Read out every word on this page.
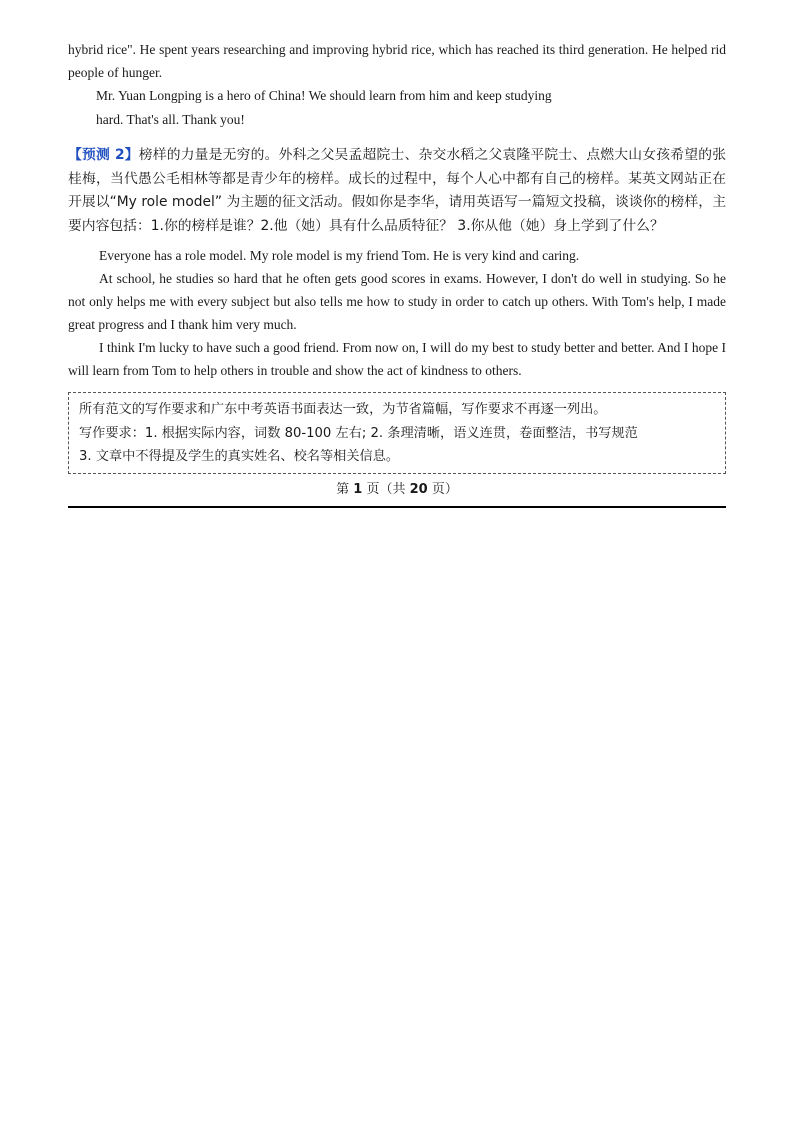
hybrid rice". He spent years researching and improving hybrid rice, which has reached its third generation. He helped rid people of hunger.

Mr. Yuan Longping is a hero of China! We should learn from him and keep studying

hard. That's all. Thank you!

【预测 2】榜样的力量是无穷的。外科之父吴孟超院士、杂交水稻之父袁隆平院士、点燃大山女孩希望的张桂梅，当代愚公毛相林等都是青少年的榜样。成长的过程中，每个人心中都有自己的榜样。某英文网站正在开展以“My role model” 为主题的征文活动。假如你是李华，请用英语写一篇短文投稿，谈谈你的榜样，主要内容包括：1.你的榜样是谁？2.他（她）具有什么品质特征？ 3.你从他（她）身上学到了什么？

Everyone has a role model. My role model is my friend Tom. He is very kind and caring.

At school, he studies so hard that he often gets good scores in exams. However, I don't do well in studying. So he not only helps me with every subject but also tells me how to study in order to catch up others. With Tom's help, I made great progress and I thank him very much.

I think I'm lucky to have such a good friend. From now on, I will do my best to study better and better. And I hope I will learn from Tom to help others in trouble and show the act of kindness to others.

所有范文的写作要求和广东中考英语书面表达一致，为节省篇幅，写作要求不再逐一列出。

写作要求：1. 根据实际内容，词数 80-100 左右; 2. 条理清晰，语义连贯，卷面整洁，书写规范

3. 文章中不得提及学生的真实姓名、校名等相关信息。

第 1 页（共 20 页）
